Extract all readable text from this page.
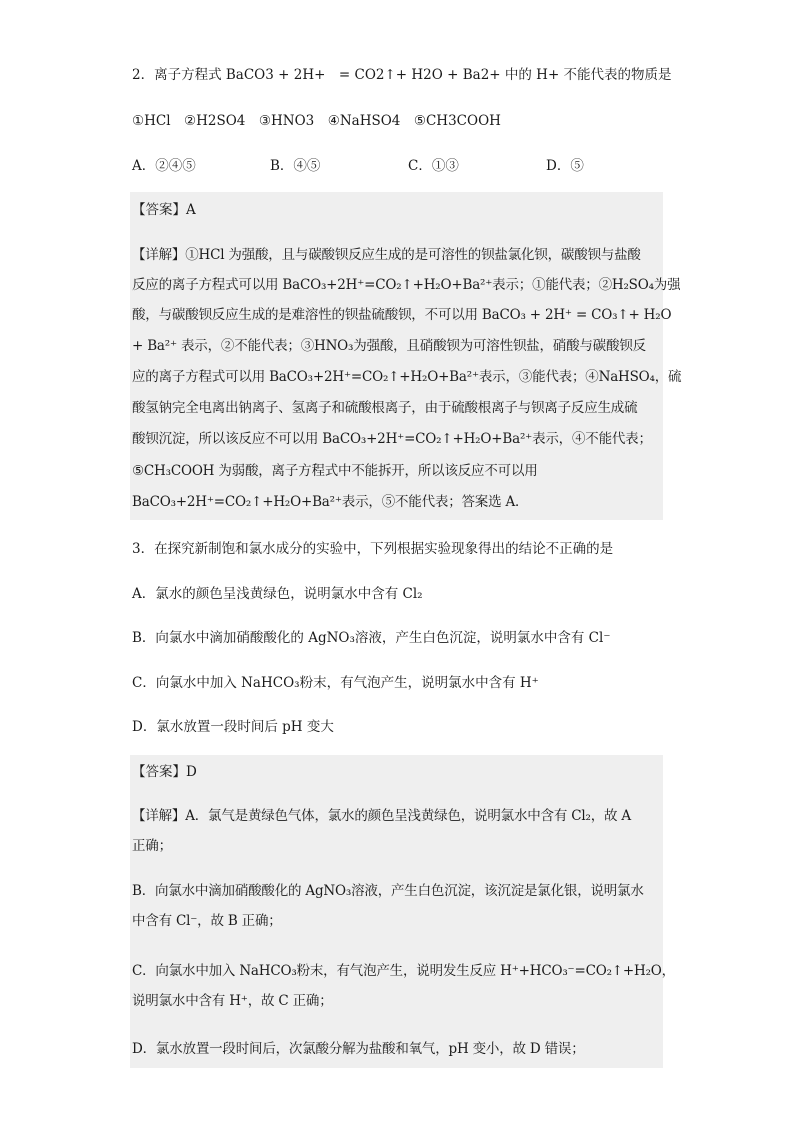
2．离子方程式 BaCO3 + 2H+　= CO2↑+ H2O + Ba2+ 中的 H+ 不能代表的物质是
①HCl　②H2SO4　③HNO3　④NaHSO4　⑤CH3COOH
A．②④⑤	B．④⑤	C．①③	D．⑤
【答案】A
【详解】①HCl 为强酸，且与碳酸钡反应生成的是可溶性的钡盐氯化钡，碳酸钡与盐酸
反应的离子方程式可以用 BaCO₃+2H⁺=CO₂↑+H₂O+Ba²⁺表示；①能代表；②H₂SO₄为强
酸，与碳酸钡反应生成的是难溶性的钡盐硫酸钡，不可以用 BaCO₃ + 2H⁺ = CO₃↑+ H₂O
+ Ba²⁺ 表示，②不能代表；③HNO₃为强酸，且硝酸钡为可溶性钡盐，硝酸与碳酸钡反
应的离子方程式可以用 BaCO₃+2H⁺=CO₂↑+H₂O+Ba²⁺表示，③能代表；④NaHSO₄，硫
酸氢钠完全电离出钠离子、氢离子和硫酸根离子，由于硫酸根离子与钡离子反应生成硫
酸钡沉淀，所以该反应不可以用 BaCO₃+2H⁺=CO₂↑+H₂O+Ba²⁺表示，④不能代表；
⑤CH₃COOH 为弱酸，离子方程式中不能拆开，所以该反应不可以用
BaCO₃+2H⁺=CO₂↑+H₂O+Ba²⁺表示，⑤不能代表；答案选 A．
3．在探究新制饱和氯水成分的实验中，下列根据实验现象得出的结论不正确的是
A．氯水的颜色呈浅黄绿色，说明氯水中含有 Cl₂
B．向氯水中滴加硝酸酸化的 AgNO₃溶液，产生白色沉淀，说明氯水中含有 Cl⁻
C．向氯水中加入 NaHCO₃粉末，有气泡产生，说明氯水中含有 H⁺
D．氯水放置一段时间后 pH 变大
【答案】D
【详解】A．氯气是黄绿色气体，氯水的颜色呈浅黄绿色，说明氯水中含有 Cl₂，故 A
正确；
B．向氯水中滴加硝酸酸化的 AgNO₃溶液，产生白色沉淀，该沉淀是氯化银，说明氯水
中含有 Cl⁻，故 B 正确；
C．向氯水中加入 NaHCO₃粉末，有气泡产生，说明发生反应 H⁺+HCO₃⁻=CO₂↑+H₂O，
说明氯水中含有 H⁺，故 C 正确；
D．氯水放置一段时间后，次氯酸分解为盐酸和氧气，pH 变小，故 D 错误；
